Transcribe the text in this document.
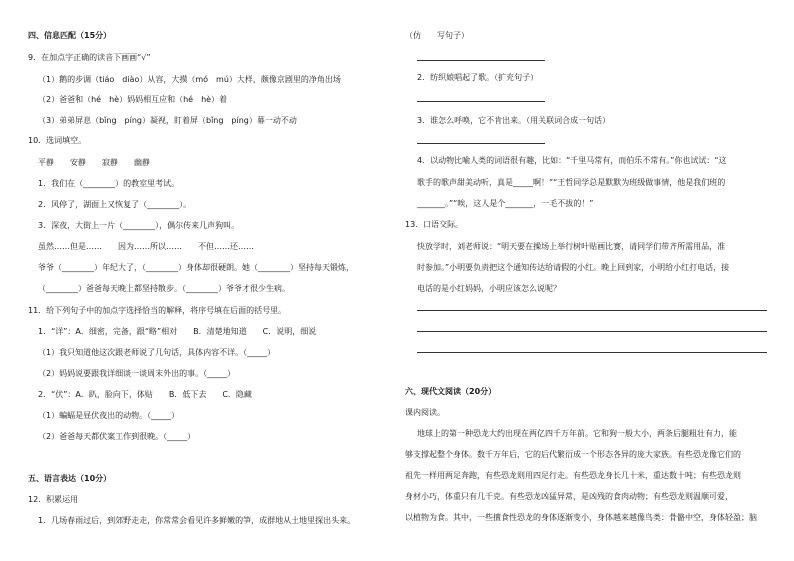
四、信息匹配（15分）
9．在加点字正确的读音下画画“√”
（1）鹅的步调（tiáo　diào）从容，大摸（mó　mú）大样，颇像京剧里的净角出场
（2）爸爸和（hé　hè）妈妈相互应和（hé　hè）着
（3）弟弟屏息（bǐng　píng）凝视，盯着屏（bǐng　píng）幕一动不动
10．选词填空。
平静　　安静　　寂静　　幽静
1．我们在（________）的教室里考试。
2．风停了，湖面上又恢复了（________）。
3．深夜，大街上一片（________），偶尔传来几声狗叫。
虽然……但是……　　因为……所以……　　不但……还……
爷爷（________）年纪大了，（________）身体却很硬朗。她（________）坚持每天锻炼，
（________）爸爸每天晚上都坚持散步。（________）爷爷才很少生病。
11．给下列句子中的加点字选择恰当的解释，将序号填在后面的括号里。
1．“详”：A．细密，完备，跟“略”相对　　B．清楚地知道　　C．说明，细说
（1）我只知道他这次跟老师说了几句话，具体内容不详。（_____）
（2）妈妈说要跟我详细谈一谈周末外出的事。（_____）
2．“伏”：A．趴，脸向下，体贴　　B．低下去　　C．隐藏
（1）蝙蝠是昼伏夜出的动物。（_____）
（2）爸爸每天都伏案工作到很晚。（_____）
五、语言表达（10分）
12．积累运用
1．几场春雨过后，到郊野走走，你常常会看见许多鲜嫩的笋，成群地从土地里探出头来。
（仿　　写句子）
2．纺织娘唱起了歌。（扩充句子）
3．谁怎么呼唤，它不肯出来。（用关联词合成一句话）
4．以动物比喻人类的词语很有趣，比如：“千里马常有，而伯乐不常有。”你也试试：“这
歌手的歌声甜美动听，真是_____啊！”“王哲同学总是默默为班级做事情，他是我们班的
_______。”“唉，这人是个_______，一毛不拔的！”
13．口语交际。
快放学时，刘老师说：“明天要在操场上举行树叶贴画比赛，请同学们带齐所需用品，准
时参加。”小明要负责把这个通知传达给请假的小红。晚上回到家，小明给小红打电话，接
电话的是小红妈妈，小明应该怎么说呢？
六、现代文阅读（20分）
课内阅读。
地球上的第一种恐龙大约出现在两亿四千万年前。它和狗一般大小，两条后腿粗壮有力，能
够支撑起整个身体。数千万年后，它的后代繁衍成一个形态各异的庞大家族。有些恐龙像它们的
祖先一样用两足奔跑，有些恐龙则用四足行走。有些恐龙身长几十米，重达数十吨；有些恐龙则
身材小巧，体重只有几千克。有些恐龙凶猛异常，是凶残的食肉动物；有些恐龙则温顺可爱，
以植物为食。其中，一些擅食性恐龙的身体逐渐变小，身体越来越像鸟类：骨骼中空，身体轻盈；脑
